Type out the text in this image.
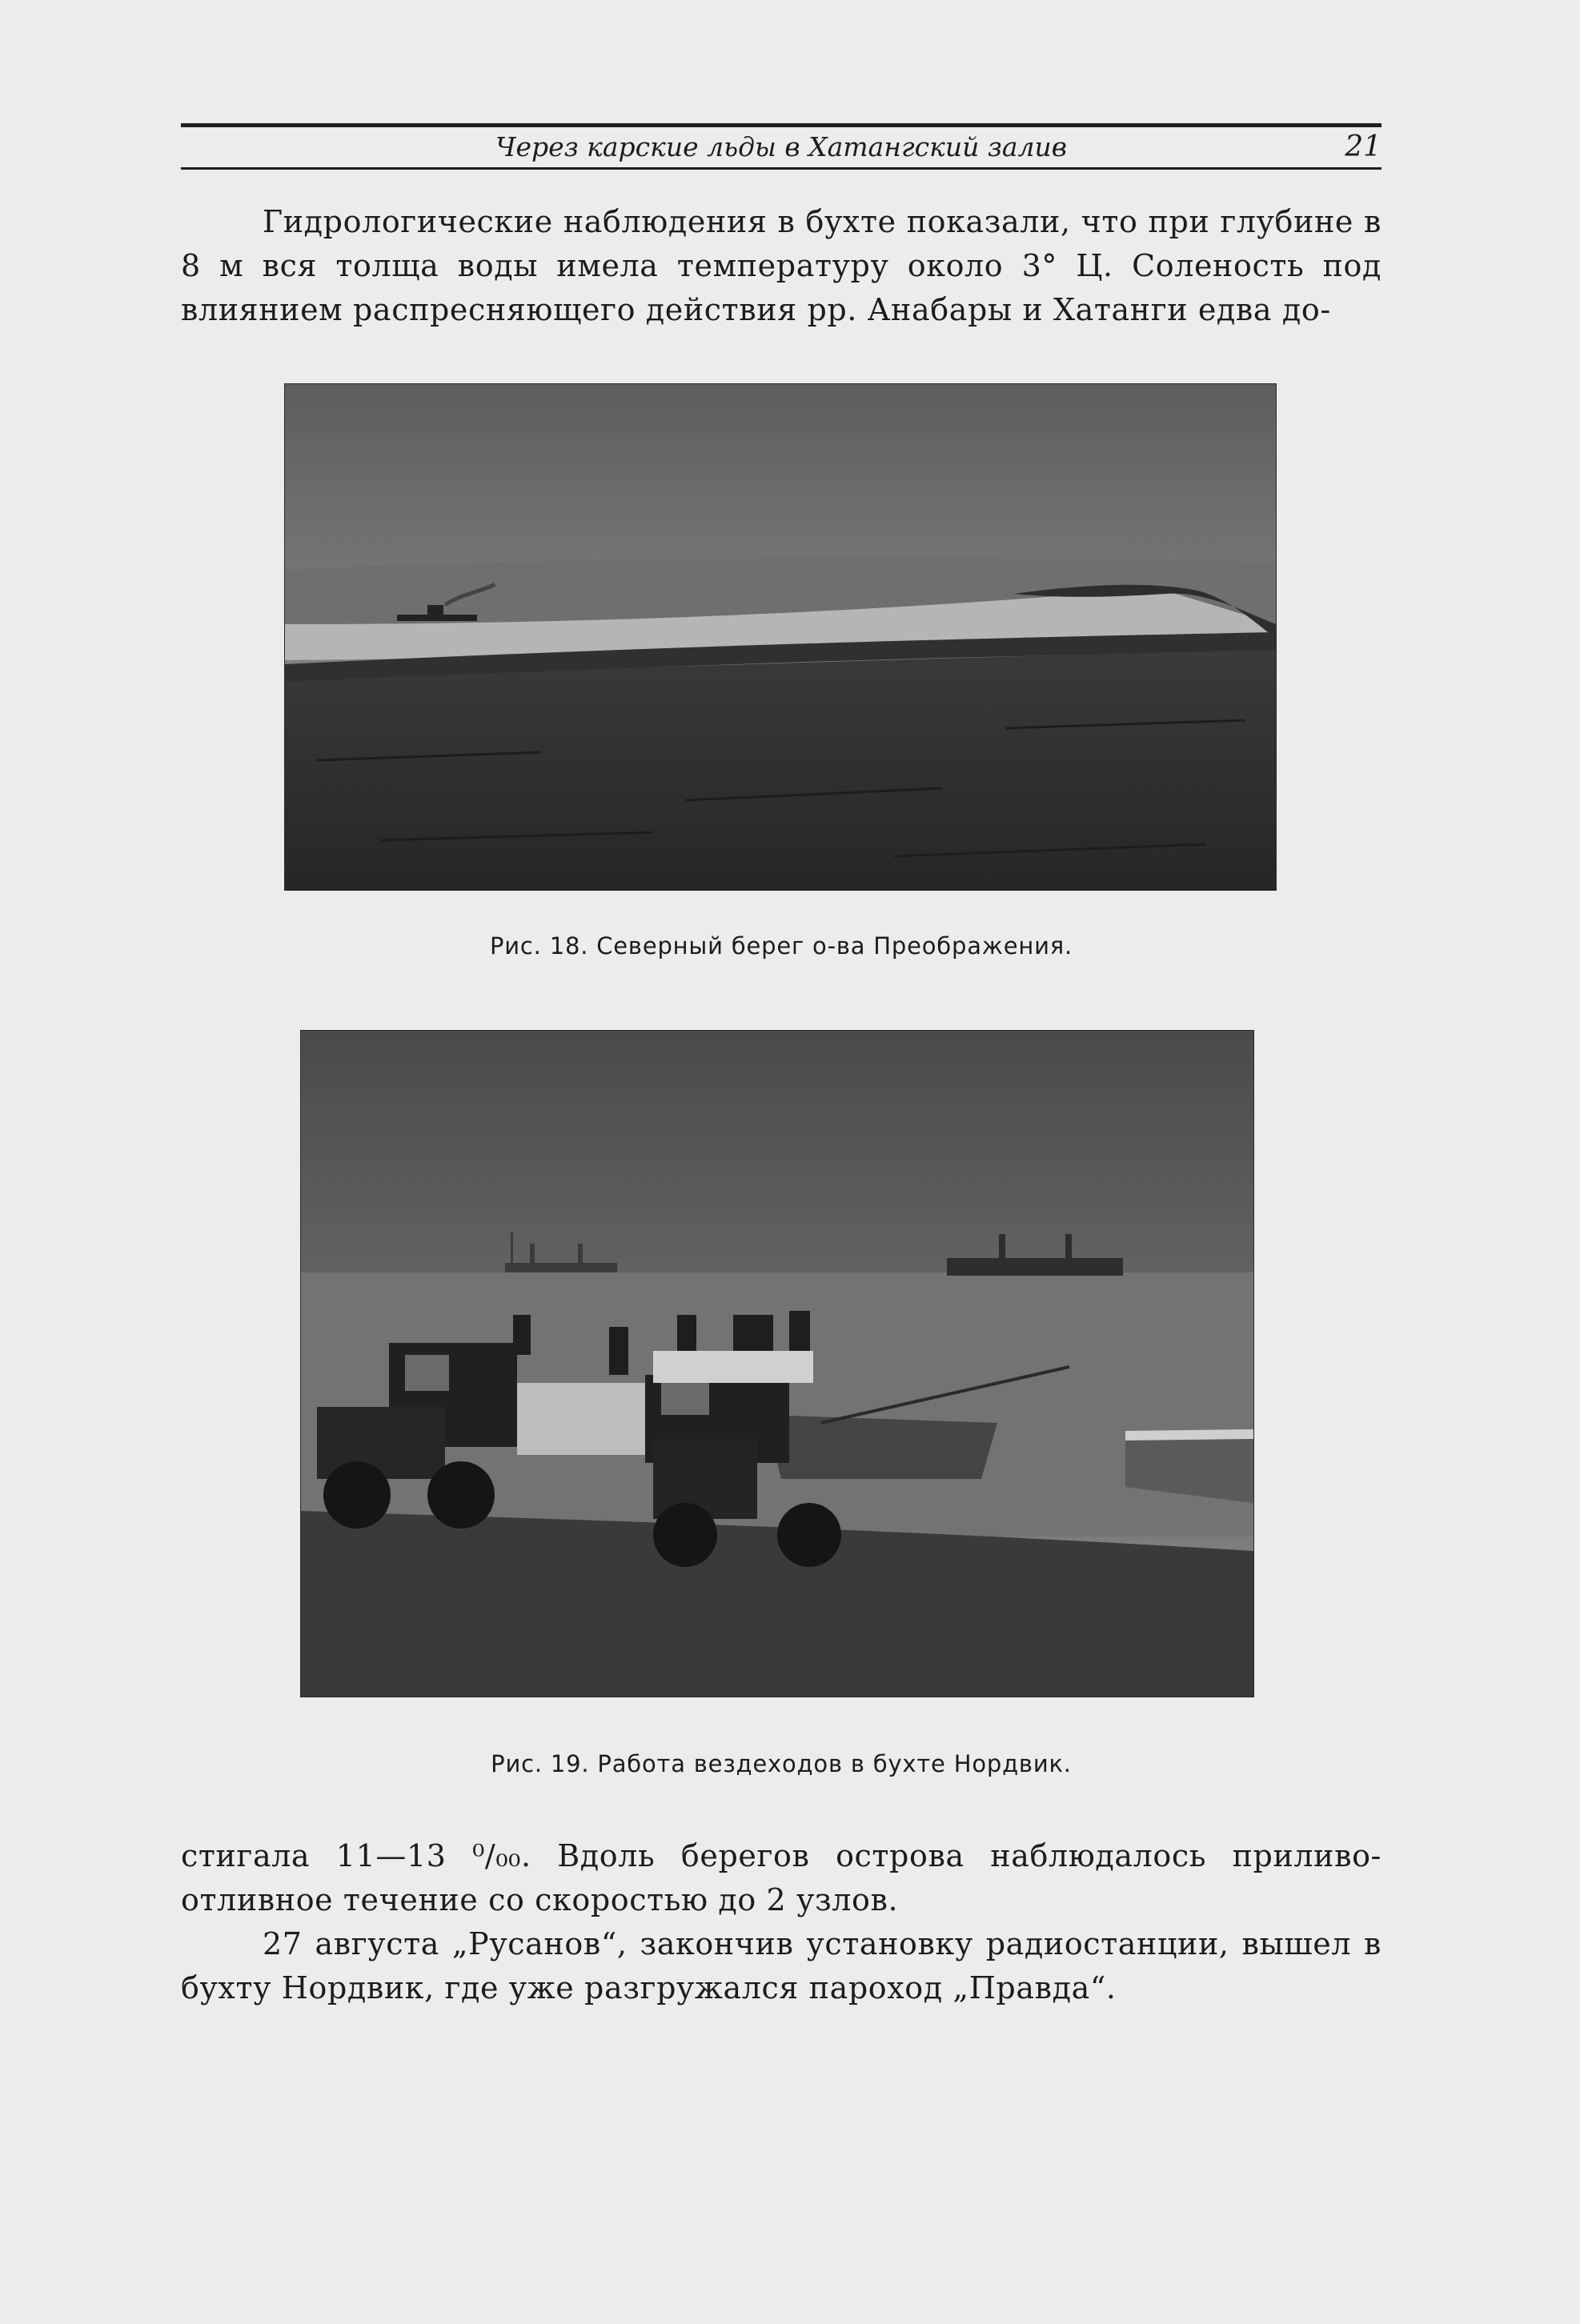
Через карские льды в Хатангский залив	21

Гидрологические наблюдения в бухте показали, что при глубине в 8 м вся толща воды имела температуру около 3° Ц. Соленость под влиянием распресняющего действия рр. Анабары и Хатанги едва до-

Рис. 18. Северный берег о-ва Преображения.
Рис. 19. Работа вездеходов в бухте Нордвик.

стигала 11—13 ⁰/₀₀. Вдоль берегов острова наблюдалось приливо-отливное течение со скоростью до 2 узлов.

27 августа „Русанов“, закончив установку радиостанции, вышел в бухту Нордвик, где уже разгружался пароход „Правда“.
